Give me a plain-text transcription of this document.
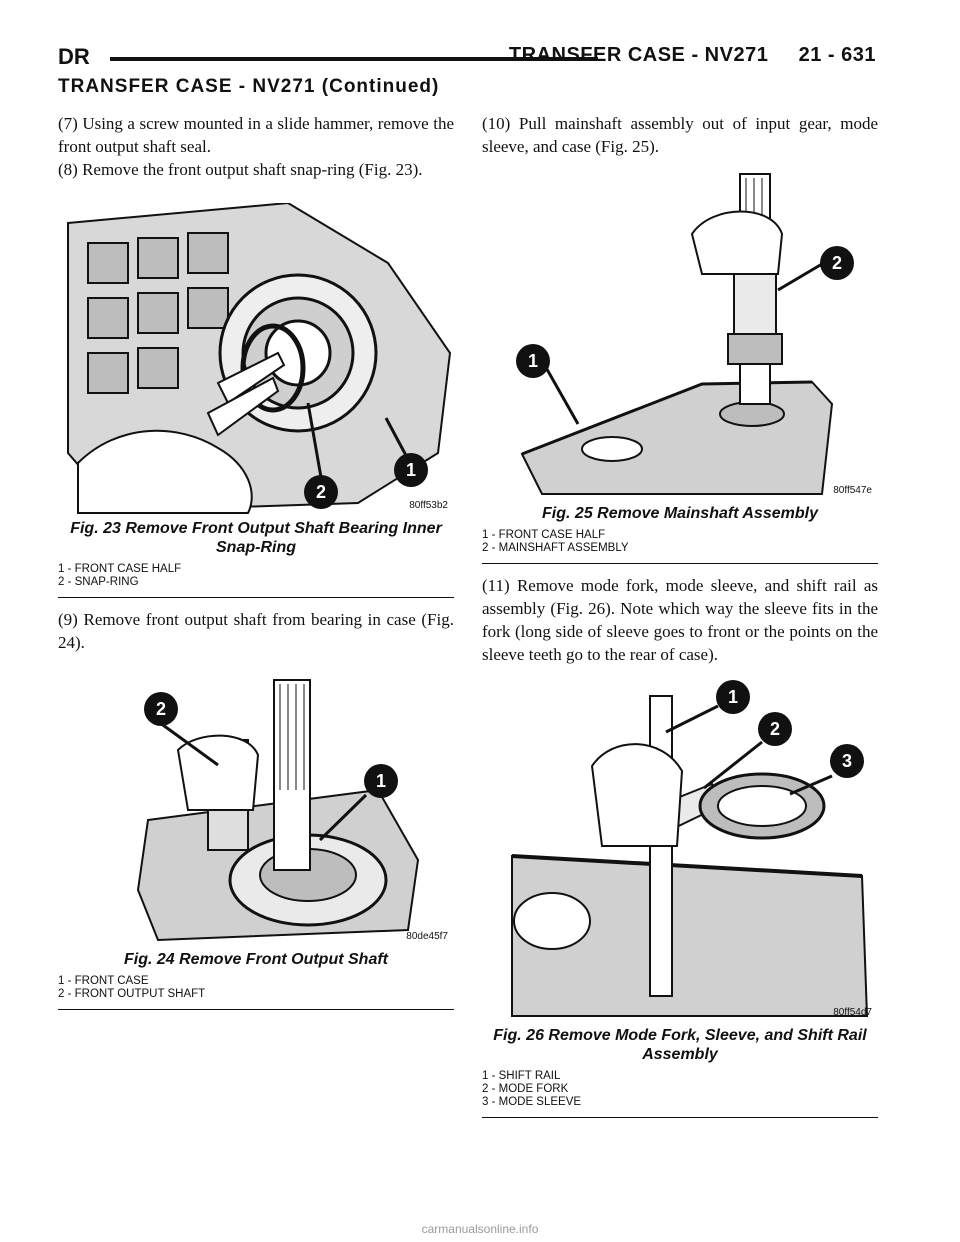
DR	TRANSFER CASE - NV271     21 - 631
TRANSFER CASE - NV271 (Continued)

(7) Using a screw mounted in a slide hammer, remove the front output shaft seal.

(8) Remove the front output shaft snap-ring (Fig. 23).

1
2
80ff53b2
Fig. 23 Remove Front Output Shaft Bearing Inner Snap-Ring
1 - FRONT CASE HALF
2 - SNAP-RING

(9) Remove front output shaft from bearing in case (Fig. 24).

2
1
80de45f7
Fig. 24 Remove Front Output Shaft
1 - FRONT CASE
2 - FRONT OUTPUT SHAFT

(10) Pull mainshaft assembly out of input gear, mode sleeve, and case (Fig. 25).

2
1
80ff547e
Fig. 25 Remove Mainshaft Assembly
1 - FRONT CASE HALF
2 - MAINSHAFT ASSEMBLY

(11) Remove mode fork, mode sleeve, and shift rail as assembly (Fig. 26). Note which way the sleeve fits in the fork (long side of sleeve goes to front or the points on the sleeve teeth go to the rear of case).

1
2
3
80ff54d7
Fig. 26 Remove Mode Fork, Sleeve, and Shift Rail Assembly
1 - SHIFT RAIL
2 - MODE FORK
3 - MODE SLEEVE
carmanualsonline.info
